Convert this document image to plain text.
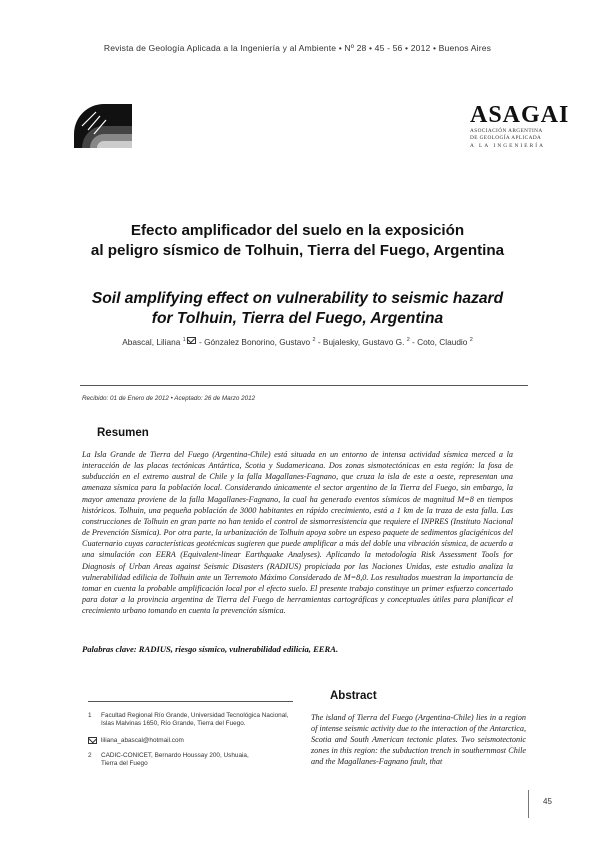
Revista de Geología Aplicada a la Ingeniería y al Ambiente • Nº 28 • 45 - 56 • 2012 • Buenos Aires
ASAGAI
ASOCIACIÓN ARGENTINA
DE GEOLOGÍA APLICADA
A LA INGENIERÍA
Efecto amplificador del suelo en la exposición
al peligro sísmico de Tolhuin, Tierra del Fuego, Argentina
Soil amplifying effect on vulnerability to seismic hazard
for Tolhuin, Tierra del Fuego, Argentina
Abascal, Liliana $^1$ - Gónzalez Bonorino, Gustavo $^2$ - Bujalesky, Gustavo G. $^2$ - Coto, Claudio $^2$
Recibido: 01 de Enero de 2012 • Aceptado: 26 de Marzo 2012
Resumen
La Isla Grande de Tierra del Fuego (Argentina-Chile) está situada en un entorno de intensa actividad sísmica merced a la interacción de las placas tectónicas Antártica, Scotia y Sudamericana. Dos zonas sismotectónicas en esta región: la fosa de subducción en el extremo austral de Chile y la falla Magallanes-Fagnano, que cruza la isla de este a oeste, representan una amenaza sísmica para la población local. Considerando únicamente el sector argentino de la Tierra del Fuego, sin embargo, la mayor amenaza proviene de la falla Magallanes-Fagnano, la cual ha generado eventos sísmicos de magnitud M=8 en tiempos históricos. Tolhuin, una pequeña población de 3000 habitantes en rápido crecimiento, está a 1 km de la traza de esta falla. Las construcciones de Tolhuin en gran parte no han tenido el control de sismorresistencia que requiere el INPRES (Instituto Nacional de Prevención Sísmica). Por otra parte, la urbanización de Tolhuin apoya sobre un espeso paquete de sedimentos glacigénicos del Cuaternario cuyas características geotécnicas sugieren que puede amplificar a más del doble una vibración sísmica, de acuerdo a una simulación con EERA (Equivalent-linear Earthquake Analyses). Aplicando la metodología Risk Assessment Tools for Diagnosis of Urban Areas against Seismic Disasters (RADIUS) propiciada por las Naciones Unidas, este estudio analiza la vulnerabilidad edilicia de Tolhuin ante un Terremoto Máximo Considerado de M=8,0. Los resultados muestran la importancia de tomar en cuenta la probable amplificación local por el efecto suelo. El presente trabajo constituye un primer esfuerzo concertado para dotar a la provincia argentina de Tierra del Fuego de herramientas cartográficas y conceptuales útiles para planificar el crecimiento urbano tomando en cuenta la prevención sísmica.
Palabras clave: RADIUS, riesgo sísmico, vulnerabilidad edilicia, EERA.
1 Facultad Regional Río Grande, Universidad Tecnológica Nacional, Islas Malvinas 1650, Río Grande, Tierra del Fuego.
liliana_abascal@hotmail.com
2 CADIC-CONICET, Bernardo Houssay 200, Ushuaia, Tierra del Fuego
Abstract
The island of Tierra del Fuego (Argentina-Chile) lies in a region of intense seismic activity due to the interaction of the Antarctica, Scotia and South American tectonic plates. Two seismotectonic zones in this region: the subduction trench in southernmost Chile and the Magallanes-Fagnano fault, that
45
